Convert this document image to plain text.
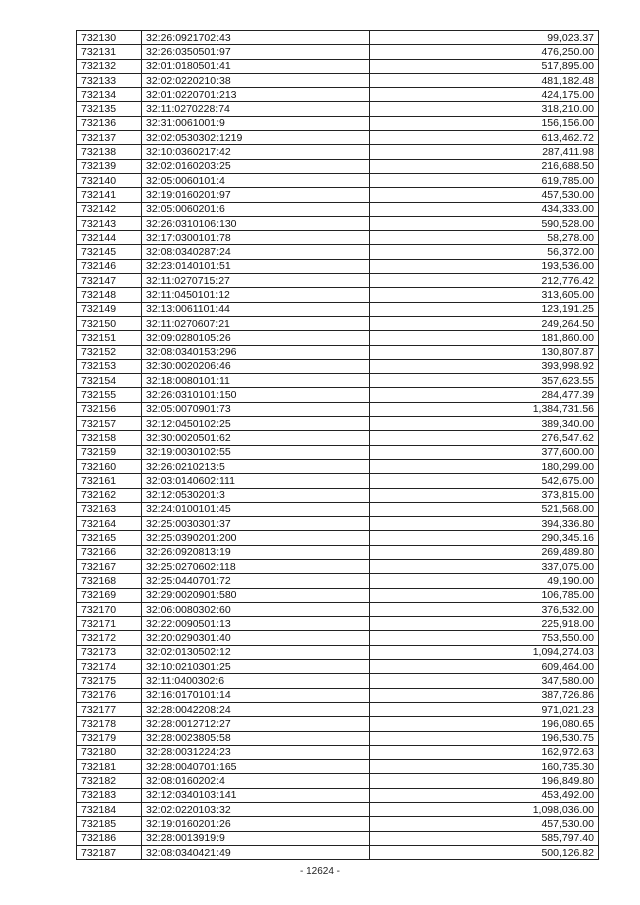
732130	32:26:0921702:43	99,023.37
732131	32:26:0350501:97	476,250.00
732132	32:01:0180501:41	517,895.00
732133	32:02:0220210:38	481,182.48
732134	32:01:0220701:213	424,175.00
732135	32:11:0270228:74	318,210.00
732136	32:31:0061001:9	156,156.00
732137	32:02:0530302:1219	613,462.72
732138	32:10:0360217:42	287,411.98
732139	32:02:0160203:25	216,688.50
732140	32:05:0060101:4	619,785.00
732141	32:19:0160201:97	457,530.00
732142	32:05:0060201:6	434,333.00
732143	32:26:0310106:130	590,528.00
732144	32:17:0300101:78	58,278.00
732145	32:08:0340287:24	56,372.00
732146	32:23:0140101:51	193,536.00
732147	32:11:0270715:27	212,776.42
732148	32:11:0450101:12	313,605.00
732149	32:13:0061101:44	123,191.25
732150	32:11:0270607:21	249,264.50
732151	32:09:0280105:26	181,860.00
732152	32:08:0340153:296	130,807.87
732153	32:30:0020206:46	393,998.92
732154	32:18:0080101:11	357,623.55
732155	32:26:0310101:150	284,477.39
732156	32:05:0070901:73	1,384,731.56
732157	32:12:0450102:25	389,340.00
732158	32:30:0020501:62	276,547.62
732159	32:19:0030102:55	377,600.00
732160	32:26:0210213:5	180,299.00
732161	32:03:0140602:111	542,675.00
732162	32:12:0530201:3	373,815.00
732163	32:24:0100101:45	521,568.00
732164	32:25:0030301:37	394,336.80
732165	32:25:0390201:200	290,345.16
732166	32:26:0920813:19	269,489.80
732167	32:25:0270602:118	337,075.00
732168	32:25:0440701:72	49,190.00
732169	32:29:0020901:580	106,785.00
732170	32:06:0080302:60	376,532.00
732171	32:22:0090501:13	225,918.00
732172	32:20:0290301:40	753,550.00
732173	32:02:0130502:12	1,094,274.03
732174	32:10:0210301:25	609,464.00
732175	32:11:0400302:6	347,580.00
732176	32:16:0170101:14	387,726.86
732177	32:28:0042208:24	971,021.23
732178	32:28:0012712:27	196,080.65
732179	32:28:0023805:58	196,530.75
732180	32:28:0031224:23	162,972.63
732181	32:28:0040701:165	160,735.30
732182	32:08:0160202:4	196,849.80
732183	32:12:0340103:141	453,492.00
732184	32:02:0220103:32	1,098,036.00
732185	32:19:0160201:26	457,530.00
732186	32:28:0013919:9	585,797.40
732187	32:08:0340421:49	500,126.82
- 12624 -
